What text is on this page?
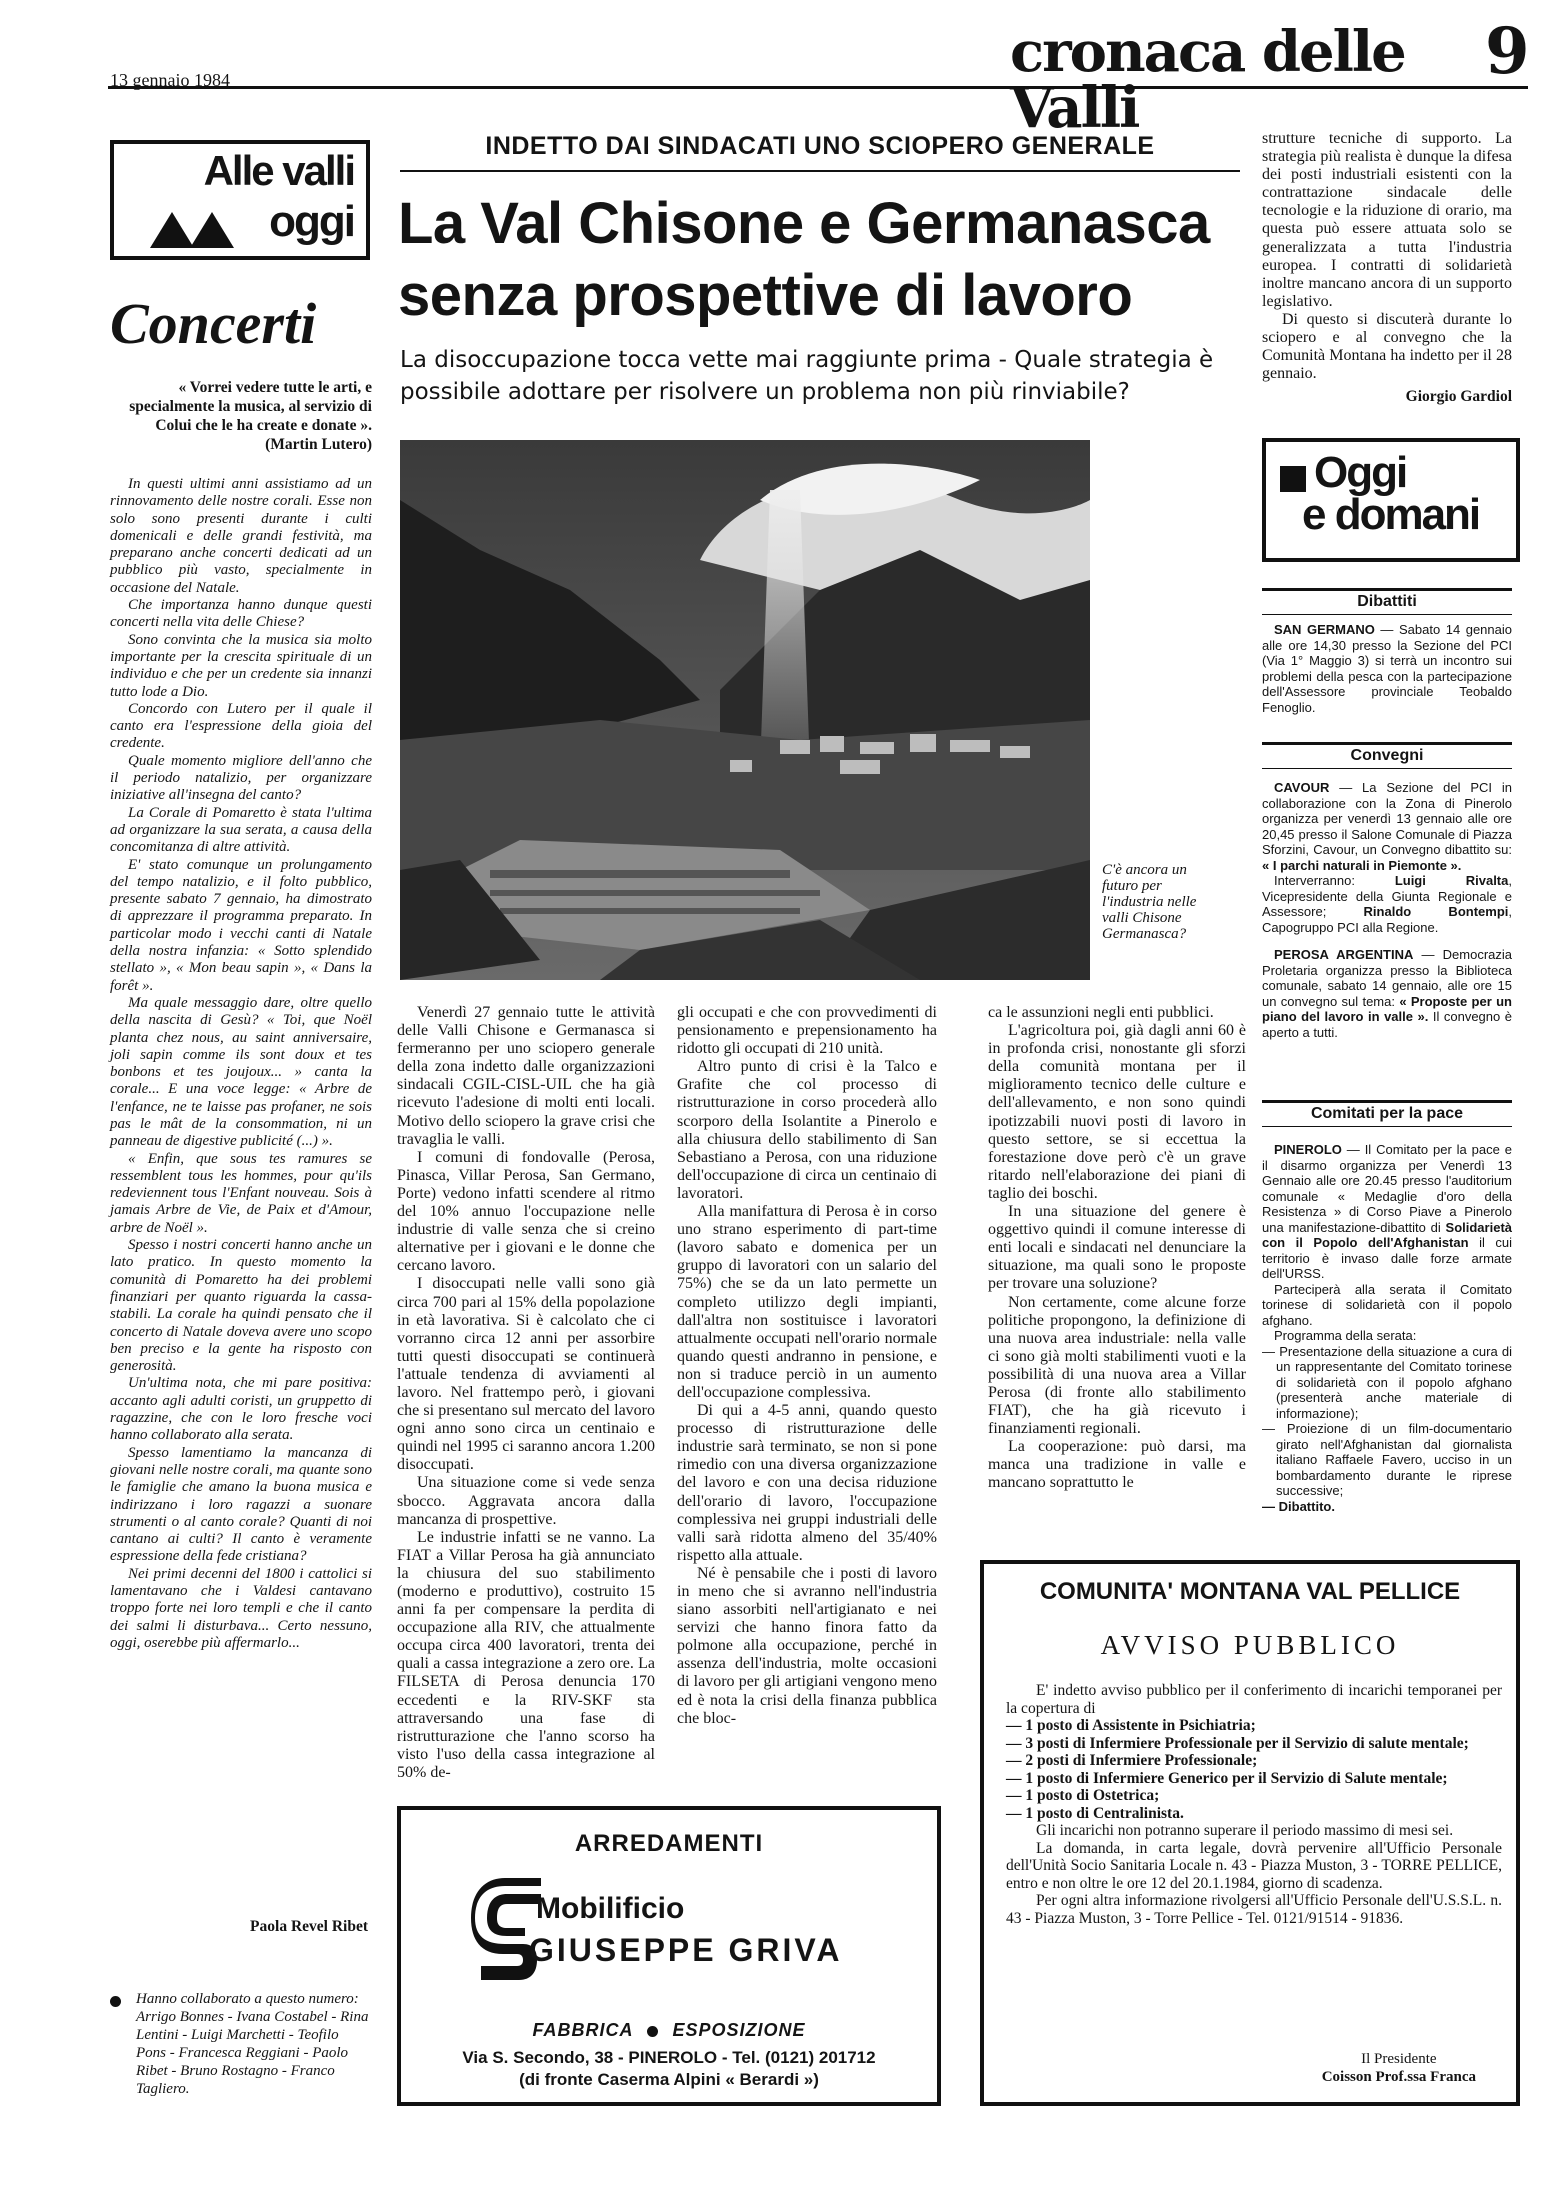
13 gennaio 1984	cronaca delle Valli
9
Alle valli
oggi
Concerti

« Vorrei vedere tutte le arti, e specialmente la musica, al servizio di Colui che le ha create e donate ».

(Martin Lutero)

In questi ultimi anni assistiamo ad un rinnovamento delle nostre corali. Esse non solo sono presenti durante i culti domenicali e delle grandi festività, ma preparano anche concerti dedicati ad un pubblico più vasto, specialmente in occasione del Natale.

Che importanza hanno dunque questi concerti nella vita delle Chiese?

Sono convinta che la musica sia molto importante per la crescita spirituale di un individuo e che per un credente sia innanzi tutto lode a Dio.

Concordo con Lutero per il quale il canto era l'espressione della gioia del credente.

Quale momento migliore dell'anno che il periodo natalizio, per organizzare iniziative all'insegna del canto?

La Corale di Pomaretto è stata l'ultima ad organizzare la sua serata, a causa della concomitanza di altre attività.

E' stato comunque un prolungamento del tempo natalizio, e il folto pubblico, presente sabato 7 gennaio, ha dimostrato di apprezzare il programma preparato. In particolar modo i vecchi canti di Natale della nostra infanzia: « Sotto splendido stellato », « Mon beau sapin », « Dans la forêt ».

Ma quale messaggio dare, oltre quello della nascita di Gesù? « Toi, que Noël planta chez nous, au saint anniversaire, joli sapin comme ils sont doux et tes bonbons et tes joujoux... » canta la corale... E una voce legge: « Arbre de l'enfance, ne te laisse pas profaner, ne sois pas le mât de la consommation, ni un panneau de digestive publicité (...) ».

« Enfin, que sous tes ramures se ressemblent tous les hommes, pour qu'ils redeviennent tous l'Enfant nouveau. Sois à jamais Arbre de Vie, de Paix et d'Amour, arbre de Noël ».

Spesso i nostri concerti hanno anche un lato pratico. In questo momento la comunità di Pomaretto ha dei problemi finanziari per quanto riguarda la cassa-stabili. La corale ha quindi pensato che il concerto di Natale doveva avere uno scopo ben preciso e la gente ha risposto con generosità.

Un'ultima nota, che mi pare positiva: accanto agli adulti coristi, un gruppetto di ragazzine, che con le loro fresche voci hanno collaborato alla serata.

Spesso lamentiamo la mancanza di giovani nelle nostre corali, ma quante sono le famiglie che amano la buona musica e indirizzano i loro ragazzi a suonare strumenti o al canto corale? Quanti di noi cantano ai culti? Il canto è veramente espressione della fede cristiana?

Nei primi decenni del 1800 i cattolici si lamentavano che i Valdesi cantavano troppo forte nei loro templi e che il canto dei salmi li disturbava... Certo nessuno, oggi, oserebbe più affermarlo...

Paola Revel Ribet

Hanno collaborato a questo numero: Arrigo Bonnes - Ivana Costabel - Rina Lentini - Luigi Marchetti - Teofilo Pons - Francesca Reggiani - Paolo Ribet - Bruno Rostagno - Franco Tagliero.

INDETTO DAI SINDACATI UNO SCIOPERO GENERALE
La Val Chisone e Germanasca
senza prospettive di lavoro
La disoccupazione tocca vette mai raggiunte prima - Quale strategia è possibile adottare per risolvere un problema non più rinviabile?
C'è ancora un futuro per l'industria nelle valli Chisone Germanasca?

Venerdì 27 gennaio tutte le attività delle Valli Chisone e Germanasca si fermeranno per uno sciopero generale della zona indetto dalle organizzazioni sindacali CGIL-CISL-UIL che ha già ricevuto l'adesione di molti enti locali. Motivo dello sciopero la grave crisi che travaglia le valli.

I comuni di fondovalle (Perosa, Pinasca, Villar Perosa, San Germano, Porte) vedono infatti scendere al ritmo del 10% annuo l'occupazione nelle industrie di valle senza che si creino alternative per i giovani e le donne che cercano lavoro.

I disoccupati nelle valli sono già circa 700 pari al 15% della popolazione in età lavorativa. Si è calcolato che ci vorranno circa 12 anni per assorbire tutti questi disoccupati se continuerà l'attuale tendenza di avviamenti al lavoro. Nel frattempo però, i giovani che si presentano sul mercato del lavoro ogni anno sono circa un centinaio e quindi nel 1995 ci saranno ancora 1.200 disoccupati.

Una situazione come si vede senza sbocco. Aggravata ancora dalla mancanza di prospettive.

Le industrie infatti se ne vanno. La FIAT a Villar Perosa ha già annunciato la chiusura del suo stabilimento (moderno e produttivo), costruito 15 anni fa per compensare la perdita di occupazione alla RIV, che attualmente occupa circa 400 lavoratori, trenta dei quali a cassa integrazione a zero ore. La FILSETA di Perosa denuncia 170 eccedenti e la RIV-SKF sta attraversando una fase di ristrutturazione che l'anno scorso ha visto l'uso della cassa integrazione al 50% de-

gli occupati e che con provvedimenti di pensionamento e prepensionamento ha ridotto gli occupati di 210 unità.

Altro punto di crisi è la Talco e Grafite che col processo di ristrutturazione in corso procederà allo scorporo della Isolantite a Pinerolo e alla chiusura dello stabilimento di San Sebastiano a Perosa, con una riduzione dell'occupazione di circa un centinaio di lavoratori.

Alla manifattura di Perosa è in corso uno strano esperimento di part-time (lavoro sabato e domenica per un gruppo di lavoratori con un salario del 75%) che se da un lato permette un completo utilizzo degli impianti, dall'altra non sostituisce i lavoratori attualmente occupati nell'orario normale quando questi andranno in pensione, e non si traduce perciò in un aumento dell'occupazione complessiva.

Di qui a 4-5 anni, quando questo processo di ristrutturazione delle industrie sarà terminato, se non si pone rimedio con una diversa organizzazione del lavoro e con una decisa riduzione dell'orario di lavoro, l'occupazione complessiva nei gruppi industriali delle valli sarà ridotta almeno del 35/40% rispetto alla attuale.

Né è pensabile che i posti di lavoro in meno che si avranno nell'industria siano assorbiti nell'artigianato e nei servizi che hanno finora fatto da polmone alla occupazione, perché in assenza dell'industria, molte occasioni di lavoro per gli artigiani vengono meno ed è nota la crisi della finanza pubblica che bloc-

ca le assunzioni negli enti pubblici.

L'agricoltura poi, già dagli anni 60 è in profonda crisi, nonostante gli sforzi della comunità montana per il miglioramento tecnico delle culture e dell'allevamento, e non sono quindi ipotizzabili nuovi posti di lavoro in questo settore, se si eccettua la forestazione dove però c'è un grave ritardo nell'elaborazione dei piani di taglio dei boschi.

In una situazione del genere è oggettivo quindi il comune interesse di enti locali e sindacati nel denunciare la situazione, ma quali sono le proposte per trovare una soluzione?

Non certamente, come alcune forze politiche propongono, la definizione di una nuova area industriale: nella valle ci sono già molti stabilimenti vuoti e la possibilità di una nuova area a Villar Perosa (di fronte allo stabilimento FIAT), che ha già ricevuto i finanziamenti regionali.

La cooperazione: può darsi, ma manca una tradizione in valle e mancano soprattutto le

strutture tecniche di supporto. La strategia più realista è dunque la difesa dei posti industriali esistenti con la contrattazione sindacale delle tecnologie e la riduzione di orario, ma questa può essere attuata solo se generalizzata a tutta l'industria europea. I contratti di solidarietà inoltre mancano ancora di un supporto legislativo.

Di questo si discuterà durante lo sciopero e al convegno che la Comunità Montana ha indetto per il 28 gennaio.

Giorgio Gardiol
Oggi
e domani
Dibattiti

SAN GERMANO — Sabato 14 gennaio alle ore 14,30 presso la Sezione del PCI (Via 1° Maggio 3) si terrà un incontro sui problemi della pesca con la partecipazione dell'Assessore provinciale Teobaldo Fenoglio.

Convegni

CAVOUR — La Sezione del PCI in collaborazione con la Zona di Pinerolo organizza per venerdì 13 gennaio alle ore 20,45 presso il Salone Comunale di Piazza Sforzini, Cavour, un Convegno dibattito su: « I parchi naturali in Piemonte ».

Interverranno: Luigi Rivalta, Vicepresidente della Giunta Regionale e Assessore; Rinaldo Bontempi, Capogruppo PCI alla Regione.

PEROSA ARGENTINA — Democrazia Proletaria organizza presso la Biblioteca comunale, sabato 14 gennaio, alle ore 15 un convegno sul tema: « Proposte per un piano del lavoro in valle ». Il convegno è aperto a tutti.

Comitati per la pace

PINEROLO — Il Comitato per la pace e il disarmo organizza per Venerdì 13 Gennaio alle ore 20.45 presso l'auditorium comunale « Medaglie d'oro della Resistenza » di Corso Piave a Pinerolo una manifestazione-dibattito di Solidarietà con il Popolo dell'Afghanistan il cui territorio è invaso dalle forze armate dell'URSS.

Parteciperà alla serata il Comitato torinese di solidarietà con il popolo afghano.

Programma della serata:

— Presentazione della situazione a cura di un rappresentante del Comitato torinese di solidarietà con il popolo afghano (presenterà anche materiale di informazione);
— Proiezione di un film-documentario girato nell'Afghanistan dal giornalista italiano Raffaele Favero, ucciso in un bombardamento durante le riprese successive;
— Dibattito.
COMUNITA' MONTANA VAL PELLICE
AVVISO PUBBLICO

E' indetto avviso pubblico per il conferimento di incarichi temporanei per la copertura di

— 1 posto di Assistente in Psichiatria;
— 3 posti di Infermiere Professionale per il Servizio di salute mentale;
— 2 posti di Infermiere Professionale;
— 1 posto di Infermiere Generico per il Servizio di Salute mentale;
— 1 posto di Ostetrica;
— 1 posto di Centralinista.

Gli incarichi non potranno superare il periodo massimo di mesi sei.

La domanda, in carta legale, dovrà pervenire all'Ufficio Personale dell'Unità Socio Sanitaria Locale n. 43 - Piazza Muston, 3 - TORRE PELLICE, entro e non oltre le ore 12 del 20.1.1984, giorno di scadenza.

Per ogni altra informazione rivolgersi all'Ufficio Personale dell'U.S.S.L. n. 43 - Piazza Muston, 3 - Torre Pellice - Tel. 0121/91514 - 91836.

Il Presidente
Coisson Prof.ssa Franca
ARREDAMENTI
Mobilificio
GIUSEPPE GRIVA
FABBRICA ESPOSIZIONE
Via S. Secondo, 38 - PINEROLO - Tel. (0121) 201712
(di fronte Caserma Alpini « Berardi »)
